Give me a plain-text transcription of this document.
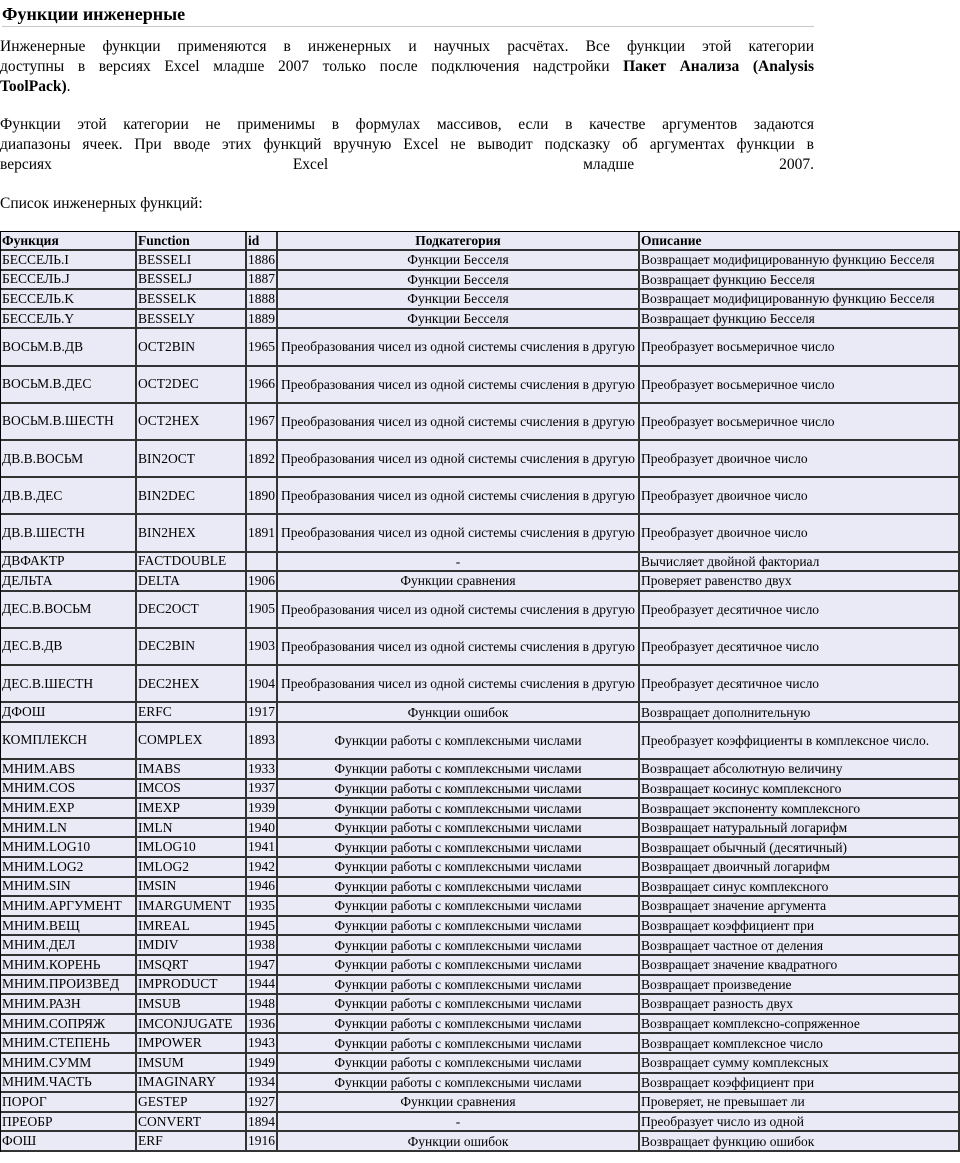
Функции инженерные
Инженерные функции применяются в инженерных и научных расчётах. Все функции этой категории
доступны в версиях Excel младше 2007 только после подключения надстройки Пакет Анализа (Analysis
ToolPack).
Функции этой категории не применимы в формулах массивов, если в качестве аргументов задаются
диапазоны ячеек. При вводе этих функций вручную Excel не выводит подсказку об аргументах функции в
версиях	Excel	младше	2007.
Список инженерных функций:
Функция	Function	id	Подкатегория	Описание
БЕССЕЛЬ.I	BESSELI	1886	Функции Бесселя	Возвращает модифицированную функцию Бесселя
БЕССЕЛЬ.J	BESSELJ	1887	Функции Бесселя	Возвращает функцию Бесселя
БЕССЕЛЬ.K	BESSELK	1888	Функции Бесселя	Возвращает модифицированную функцию Бесселя
БЕССЕЛЬ.Y	BESSELY	1889	Функции Бесселя	Возвращает функцию Бесселя
ВОСЬМ.В.ДВ	OCT2BIN	1965	Преобразования чисел из одной системы счисления в другую	Преобразует восьмеричное число
ВОСЬМ.В.ДЕС	OCT2DEC	1966	Преобразования чисел из одной системы счисления в другую	Преобразует восьмеричное число
ВОСЬМ.В.ШЕСТН	OCT2HEX	1967	Преобразования чисел из одной системы счисления в другую	Преобразует восьмеричное число
ДВ.В.ВОСЬМ	BIN2OCT	1892	Преобразования чисел из одной системы счисления в другую	Преобразует двоичное число
ДВ.В.ДЕС	BIN2DEC	1890	Преобразования чисел из одной системы счисления в другую	Преобразует двоичное число
ДВ.В.ШЕСТН	BIN2HEX	1891	Преобразования чисел из одной системы счисления в другую	Преобразует двоичное число
ДВФАКТР	FACTDOUBLE		-	Вычисляет двойной факториал
ДЕЛЬТА	DELTA	1906	Функции сравнения	Проверяет равенство двух
ДЕС.В.ВОСЬМ	DEC2OCT	1905	Преобразования чисел из одной системы счисления в другую	Преобразует десятичное число
ДЕС.В.ДВ	DEC2BIN	1903	Преобразования чисел из одной системы счисления в другую	Преобразует десятичное число
ДЕС.В.ШЕСТН	DEC2HEX	1904	Преобразования чисел из одной системы счисления в другую	Преобразует десятичное число
ДФОШ	ERFC	1917	Функции ошибок	Возвращает дополнительную
КОМПЛЕКСН	COMPLEX	1893	Функции работы с комплексными числами	Преобразует коэффициенты в комплексное число.
МНИМ.ABS	IMABS	1933	Функции работы с комплексными числами	Возвращает абсолютную величину
МНИМ.COS	IMCOS	1937	Функции работы с комплексными числами	Возвращает косинус комплексного
МНИМ.EXP	IMEXP	1939	Функции работы с комплексными числами	Возвращает экспоненту комплексного
МНИМ.LN	IMLN	1940	Функции работы с комплексными числами	Возвращает натуральный логарифм
МНИМ.LOG10	IMLOG10	1941	Функции работы с комплексными числами	Возвращает обычный (десятичный)
МНИМ.LOG2	IMLOG2	1942	Функции работы с комплексными числами	Возвращает двоичный логарифм
МНИМ.SIN	IMSIN	1946	Функции работы с комплексными числами	Возвращает синус комплексного
МНИМ.АРГУМЕНТ	IMARGUMENT	1935	Функции работы с комплексными числами	Возвращает значение аргумента
МНИМ.ВЕЩ	IMREAL	1945	Функции работы с комплексными числами	Возвращает коэффициент при
МНИМ.ДЕЛ	IMDIV	1938	Функции работы с комплексными числами	Возвращает частное от деления
МНИМ.КОРЕНЬ	IMSQRT	1947	Функции работы с комплексными числами	Возвращает значение квадратного
МНИМ.ПРОИЗВЕД	IMPRODUCT	1944	Функции работы с комплексными числами	Возвращает произведение
МНИМ.РАЗН	IMSUB	1948	Функции работы с комплексными числами	Возвращает разность двух
МНИМ.СОПРЯЖ	IMCONJUGATE	1936	Функции работы с комплексными числами	Возвращает комплексно-сопряженное
МНИМ.СТЕПЕНЬ	IMPOWER	1943	Функции работы с комплексными числами	Возвращает комплексное число
МНИМ.СУММ	IMSUM	1949	Функции работы с комплексными числами	Возвращает сумму комплексных
МНИМ.ЧАСТЬ	IMAGINARY	1934	Функции работы с комплексными числами	Возвращает коэффициент при
ПОРОГ	GESTEP	1927	Функции сравнения	Проверяет, не превышает ли
ПРЕОБР	CONVERT	1894	-	Преобразует число из одной
ФОШ	ERF	1916	Функции ошибок	Возвращает функцию ошибок
